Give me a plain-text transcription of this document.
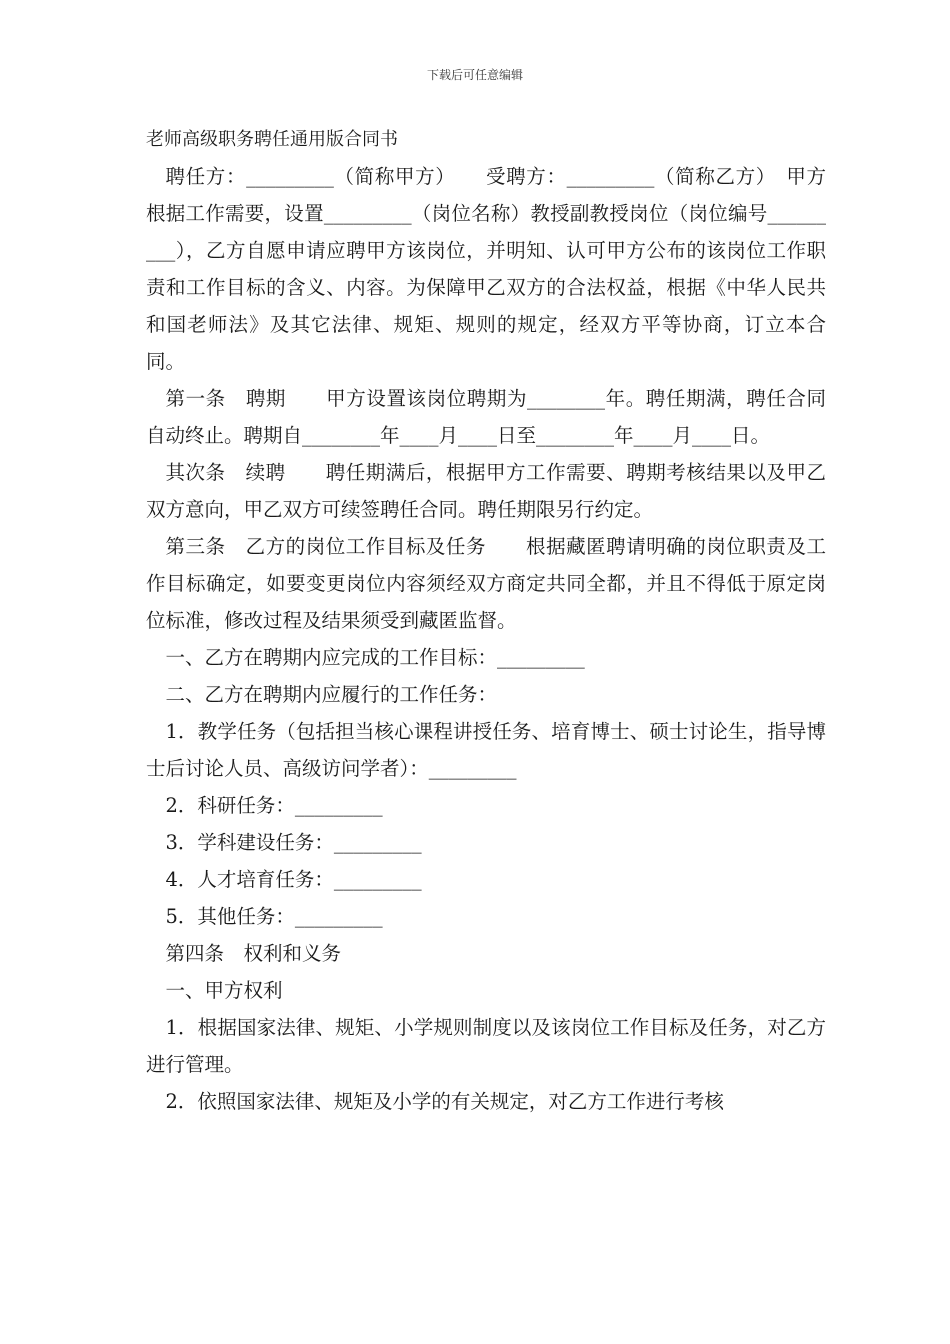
下载后可任意编辑
老师高级职务聘任通用版合同书

聘任方：_________（简称甲方）　　受聘方：_________（简称乙方）　甲方根据工作需要，设置_________（岗位名称）教授副教授岗位（岗位编号_________），乙方自愿申请应聘甲方该岗位，并明知、认可甲方公布的该岗位工作职责和工作目标的含义、内容。为保障甲乙双方的合法权益，根据《中华人民共和国老师法》及其它法律、规矩、规则的规定，经双方平等协商，订立本合同。

第一条　聘期　　甲方设置该岗位聘期为________年。聘任期满，聘任合同自动终止。聘期自________年____月____日至________年____月____日。

其次条　续聘　　聘任期满后，根据甲方工作需要、聘期考核结果以及甲乙双方意向，甲乙双方可续签聘任合同。聘任期限另行约定。

第三条　乙方的岗位工作目标及任务　　根据藏匿聘请明确的岗位职责及工作目标确定，如要变更岗位内容须经双方商定共同全都，并且不得低于原定岗位标准，修改过程及结果须受到藏匿监督。

一、乙方在聘期内应完成的工作目标：_________

二、乙方在聘期内应履行的工作任务：

1．教学任务（包括担当核心课程讲授任务、培育博士、硕士讨论生，指导博士后讨论人员、高级访问学者）：_________

2．科研任务：_________

3．学科建设任务：_________

4．人才培育任务：_________

5．其他任务：_________

第四条　权利和义务

一、甲方权利

1．根据国家法律、规矩、小学规则制度以及该岗位工作目标及任务，对乙方进行管理。

2．依照国家法律、规矩及小学的有关规定，对乙方工作进行考核
